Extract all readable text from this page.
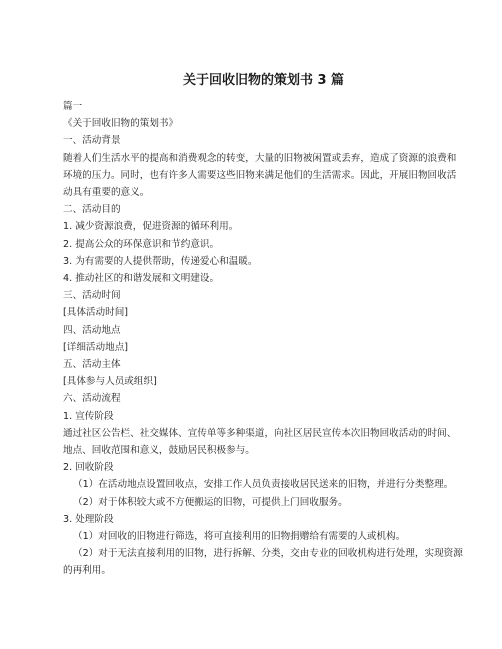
关于回收旧物的策划书 3 篇
篇一
《关于回收旧物的策划书》
一、活动背景
随着人们生活水平的提高和消费观念的转变，大量的旧物被闲置或丢弃，造成了资源的浪费和环境的压力。同时，也有许多人需要这些旧物来满足他们的生活需求。因此，开展旧物回收活动具有重要的意义。
二、活动目的
1. 减少资源浪费，促进资源的循环利用。
2. 提高公众的环保意识和节约意识。
3. 为有需要的人提供帮助，传递爱心和温暖。
4. 推动社区的和谐发展和文明建设。
三、活动时间
[具体活动时间]
四、活动地点
[详细活动地点]
五、活动主体
[具体参与人员或组织]
六、活动流程
1. 宣传阶段
通过社区公告栏、社交媒体、宣传单等多种渠道，向社区居民宣传本次旧物回收活动的时间、地点、回收范围和意义，鼓励居民积极参与。
2. 回收阶段
（1）在活动地点设置回收点，安排工作人员负责接收居民送来的旧物，并进行分类整理。
（2）对于体积较大或不方便搬运的旧物，可提供上门回收服务。
3. 处理阶段
（1）对回收的旧物进行筛选，将可直接利用的旧物捐赠给有需要的人或机构。
（2）对于无法直接利用的旧物，进行拆解、分类，交由专业的回收机构进行处理，实现资源的再利用。
